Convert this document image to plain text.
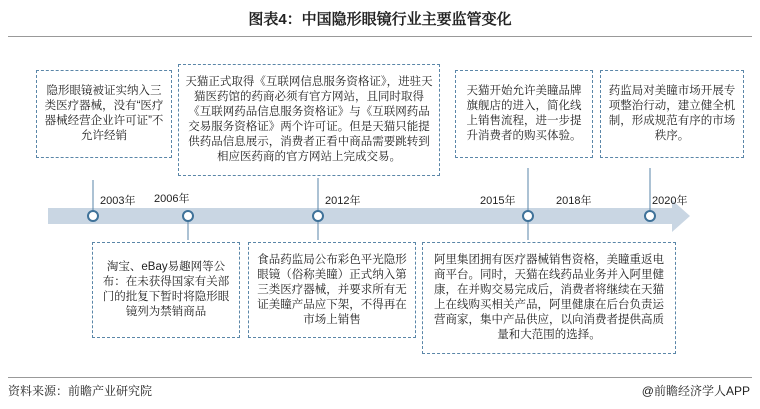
图表4：中国隐形眼镜行业主要监管变化
2003年 2006年	2012年	2015年	2018年	2020年
隐形眼镜被证实纳入三类医疗器械，没有“医疗器械经营企业许可证”不允许经销
天猫正式取得《互联网信息服务资格证》，进驻天猫医药馆的药商必须有官方网站，且同时取得《互联网药品信息服务资格证》与《互联网药品交易服务资格证》两个许可证。但是天猫只能提供药品信息展示，消费者正看中商品需要跳转到相应医药商的官方网站上完成交易。
天猫开始允许美瞳品牌旗舰店的进入，简化线上销售流程，进一步提升消费者的购买体验。
药监局对美瞳市场开展专项整治行动，建立健全机制，形成规范有序的市场秩序。
淘宝、eBay易趣网等公布：在未获得国家有关部门的批复下暂时将隐形眼镜列为禁销商品
食品药监局公布彩色平光隐形眼镜（俗称美瞳）正式纳入第三类医疗器械，并要求所有无证美瞳产品应下架，不得再在市场上销售
阿里集团拥有医疗器械销售资格，美瞳重返电商平台。同时，天猫在线药品业务并入阿里健康，在并购交易完成后，消费者将继续在天猫上在线购买相关产品，阿里健康在后台负责运营商家，集中产品供应，以向消费者提供高质量和大范围的选择。
资料来源：前瞻产业研究院	@前瞻经济学人APP
